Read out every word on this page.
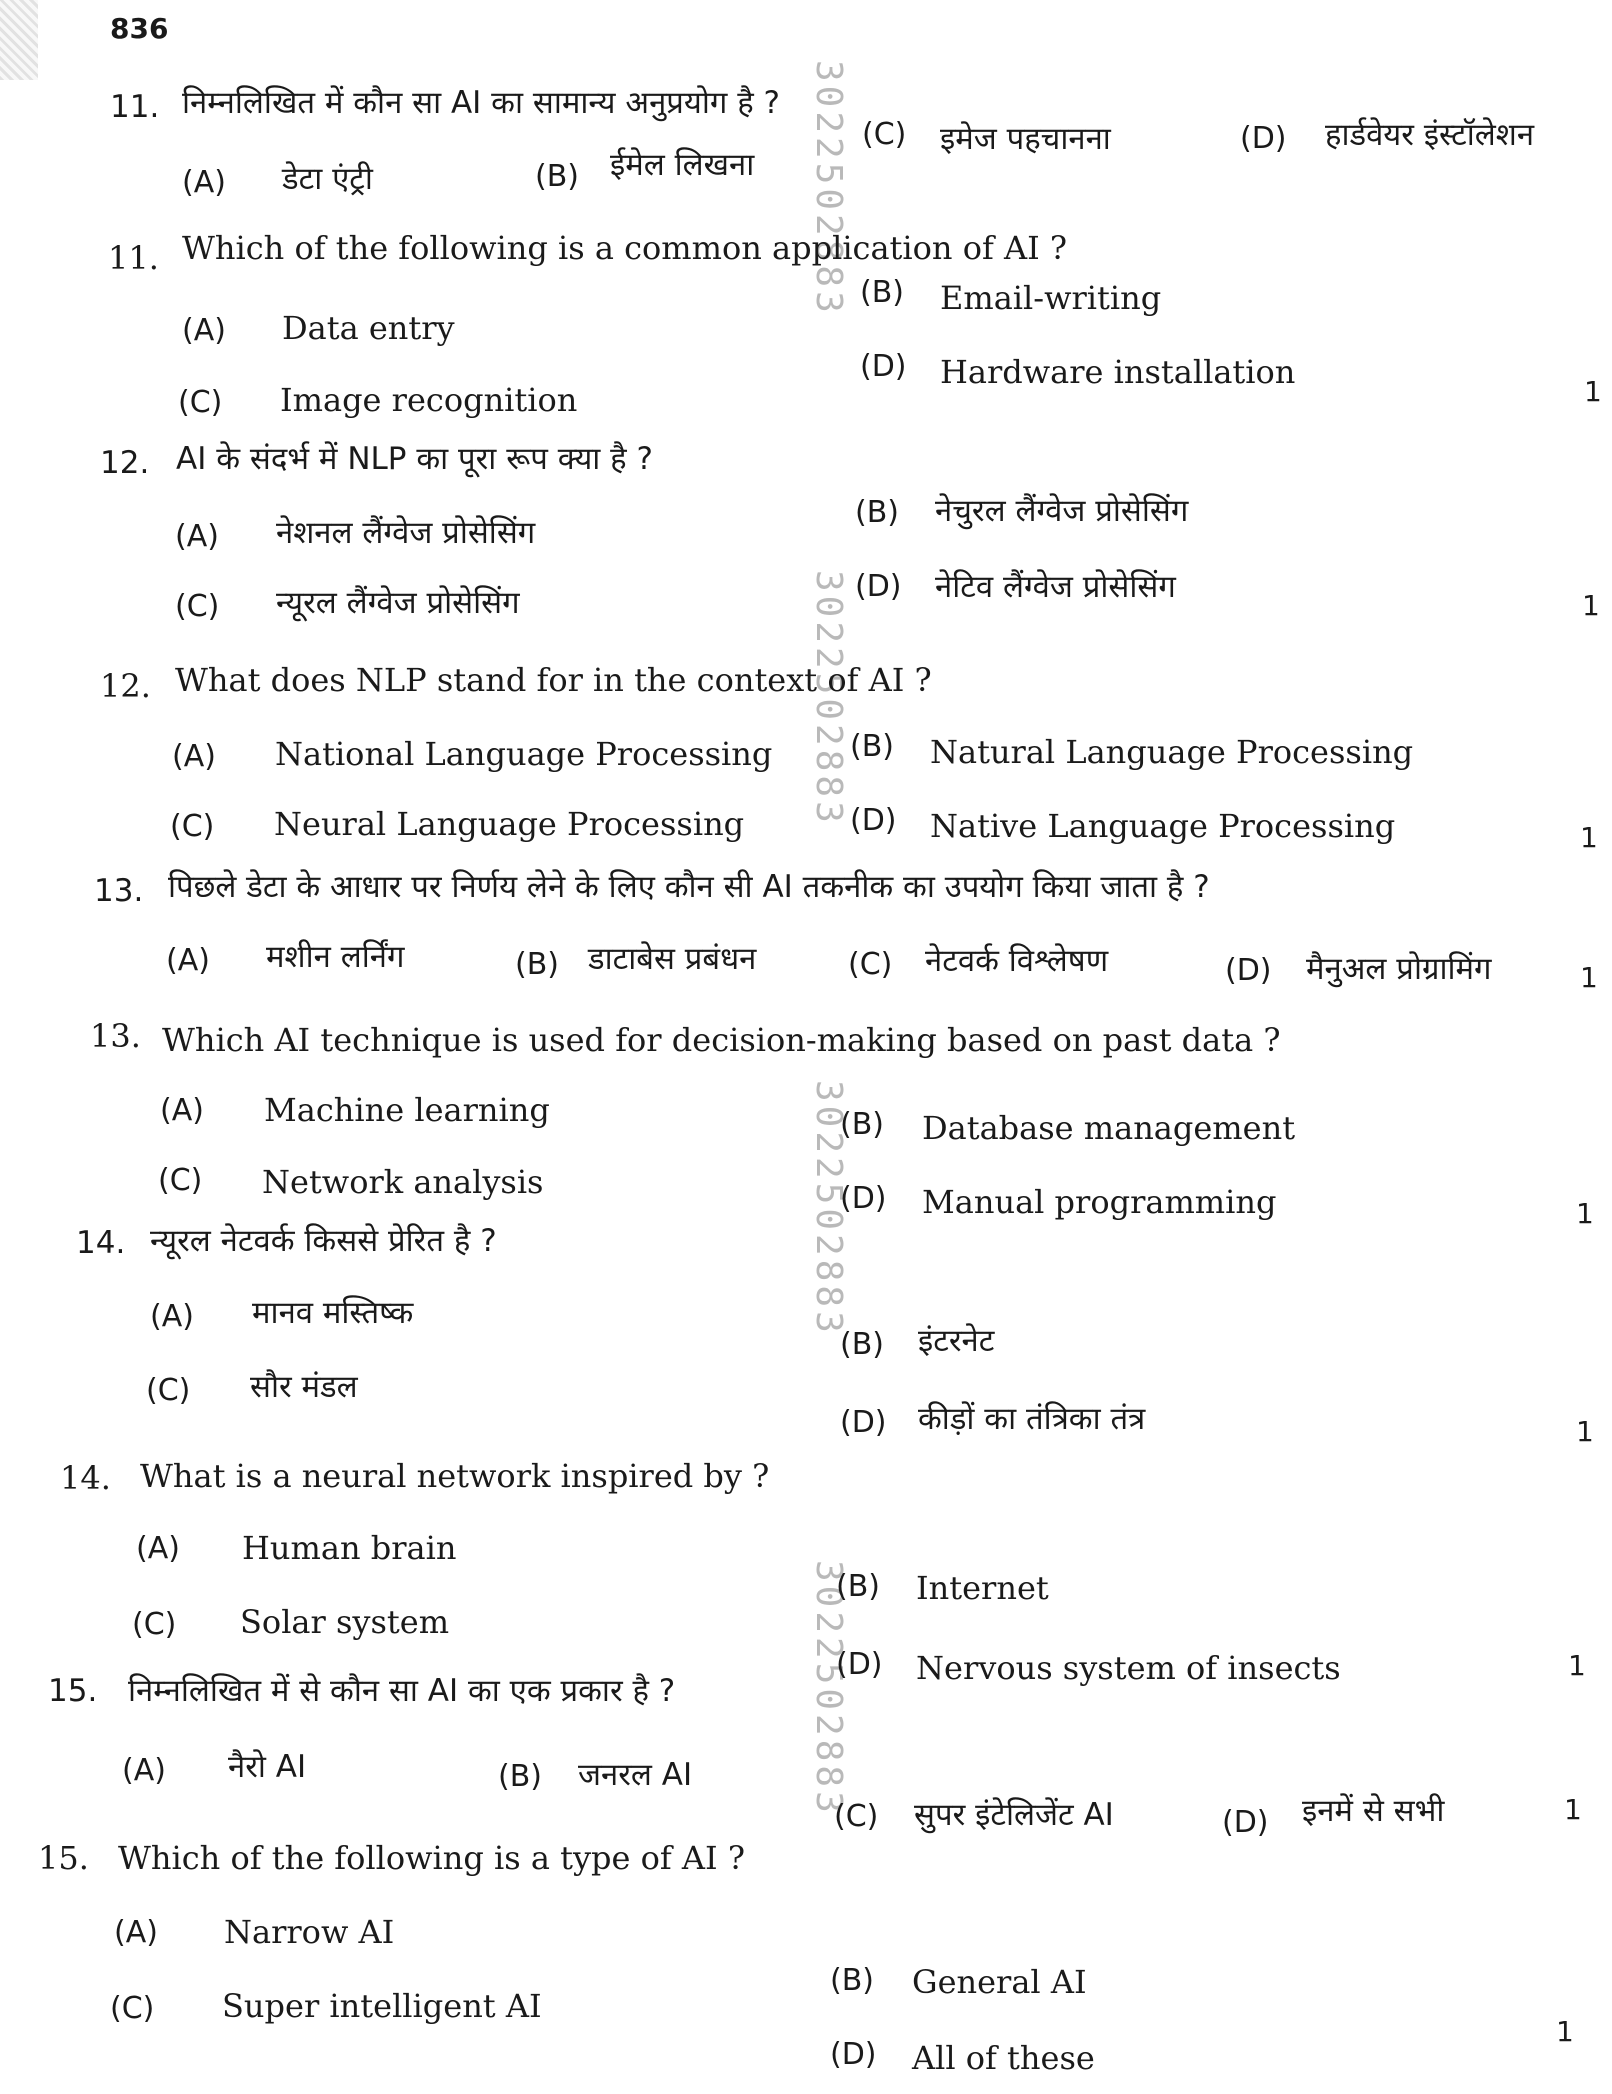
836
3022502883
3022502883
3022502883
3022502883
11. निम्नलिखित में कौन सा AI का सामान्य अनुप्रयोग है ?
(A) डेटा एंट्री	(B) ईमेल लिखना
(C) इमेज पहचानना	(D) हार्डवेयर इंस्टॉलेशन
11. Which of the following is a common application of AI ?
(A) Data entry
(B) Email-writing
(C) Image recognition
(D) Hardware installation
1
12. AI के संदर्भ में NLP का पूरा रूप क्या है ?
(A) नेशनल लैंग्वेज प्रोसेसिंग
(B) नेचुरल लैंग्वेज प्रोसेसिंग
(C) न्यूरल लैंग्वेज प्रोसेसिंग	(D) नेटिव लैंग्वेज प्रोसेसिंग
1
12. What does NLP stand for in the context of AI ?
(A) National Language Processing	(B) Natural Language Processing
(C) Neural Language Processing	(D) Native Language Processing	1
13. पिछले डेटा के आधार पर निर्णय लेने के लिए कौन सी AI तकनीक का उपयोग किया जाता है ?
(A) मशीन लर्निंग	(B) डाटाबेस प्रबंधन	(C) नेटवर्क विश्लेषण	(D) मैनुअल प्रोग्रामिंग	1
13. Which AI technique is used for decision-making based on past data ?
(A) Machine learning	(B) Database management
(C) Network analysis	(D) Manual programming	1
14. न्यूरल नेटवर्क किससे प्रेरित है ?
(A) मानव मस्तिष्क
(B) इंटरनेट
(C) सौर मंडल
(D) कीड़ों का तंत्रिका तंत्र	1
14. What is a neural network inspired by ?
(A) Human brain
(B) Internet
(C) Solar system
(D) Nervous system of insects	1
15. निम्नलिखित में से कौन सा AI का एक प्रकार है ?
(A) नैरो AI	(B) जनरल AI
(C) सुपर इंटेलिजेंट AI	(D) इनमें से सभी	1
15. Which of the following is a type of AI ?
(A) Narrow AI
(B) General AI
(C) Super intelligent AI
(D) All of these
1
